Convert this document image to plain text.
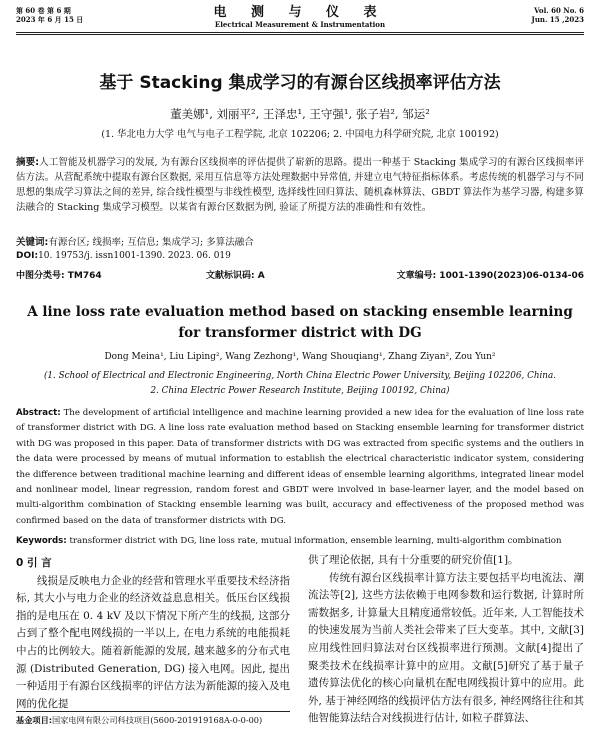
第 60 卷 第 6 期
2023 年 6 月 15 日	电 测 与 仪 表
Electrical Measurement & Instrumentation
Vol. 60 No. 6
Jun. 15 ,2023
基于 Stacking 集成学习的有源台区线损率评估方法
董美娜¹, 刘丽平², 王泽忠¹, 王守强¹, 张子岩², 邹运²
(1. 华北电力大学 电气与电子工程学院, 北京 102206; 2. 中国电力科学研究院, 北京 100192)
摘要:人工智能及机器学习的发展, 为有源台区线损率的评估提供了崭新的思路。提出一种基于 Stacking 集成学习的有源台区线损率评估方法。从营配系统中提取有源台区数据, 采用互信息等方法处理数据中异常值, 并建立电气特征指标体系。考虑传统的机器学习与不同思想的集成学习算法之间的差异, 综合线性模型与非线性模型, 选择线性回归算法、随机森林算法、GBDT 算法作为基学习器, 构建多算法融合的 Stacking 集成学习模型。以某省有源台区数据为例, 验证了所提方法的准确性和有效性。
关键词:有源台区; 线损率; 互信息; 集成学习; 多算法融合
DOI:10. 19753/j. issn1001-1390. 2023. 06. 019
中图分类号: TM764	文献标识码: A	文章编号: 1001-1390(2023)06-0134-06
A line loss rate evaluation method based on stacking ensemble learning
for transformer district with DG
Dong Meina¹, Liu Liping², Wang Zezhong¹, Wang Shouqiang¹, Zhang Ziyan², Zou Yun²
(1. School of Electrical and Electronic Engineering, North China Electric Power University, Beijing 102206, China.
2. China Electric Power Research Institute, Beijing 100192, China)
Abstract: The development of artificial intelligence and machine learning provided a new idea for the evaluation of line loss rate of transformer district with DG. A line loss rate evaluation method based on Stacking ensemble learning for transformer district with DG was proposed in this paper. Data of transformer districts with DG was extracted from specific systems and the outliers in the data were processed by means of mutual information to establish the electrical characteristic indicator system, considering the difference between traditional machine learning and different ideas of ensemble learning algorithms, integrated linear model and nonlinear model, linear regression, random forest and GBDT were involved in base-learner layer, and the model based on multi-algorithm combination of Stacking ensemble learning was built, accuracy and effectiveness of the proposed method was confirmed based on the data of transformer districts with DG.
Keywords: transformer district with DG, line loss rate, mutual information, ensemble learning, multi-algorithm combination
0 引 言
线损是反映电力企业的经营和管理水平重要技术经济指标, 其大小与电力企业的经济效益息息相关。低压台区线损指的是电压在 0. 4 kV 及以下情况下所产生的线损, 这部分占到了整个配电网线损的一半以上, 在电力系统的电能损耗中占的比例较大。随着新能源的发展, 越来越多的分布式电源 (Distributed Generation, DG) 接入电网。因此, 提出一种适用于有源台区线损率的评估方法为新能源的接入及电网的优化提
供了理论依据, 具有十分重要的研究价值[1]。
传统有源台区线损率计算方法主要包括平均电流法、潮流法等[2], 这些方法依赖于电网参数和运行数据, 计算时所需数据多, 计算量大且精度通常较低。近年来, 人工智能技术的快速发展为当前人类社会带来了巨大变革。其中, 文献[3]应用线性回归算法对台区线损率进行预测。文献[4]提出了聚类技术在线损率计算中的应用。文献[5]研究了基于量子遗传算法优化的核心向量机在配电网线损计算中的应用。此外, 基于神经网络的线损评估方法有很多, 神经网络往往和其他智能算法结合对线损进行估计, 如粒子群算法、
基金项目:国家电网有限公司科技项目(5600-201919168A-0-0-00)
